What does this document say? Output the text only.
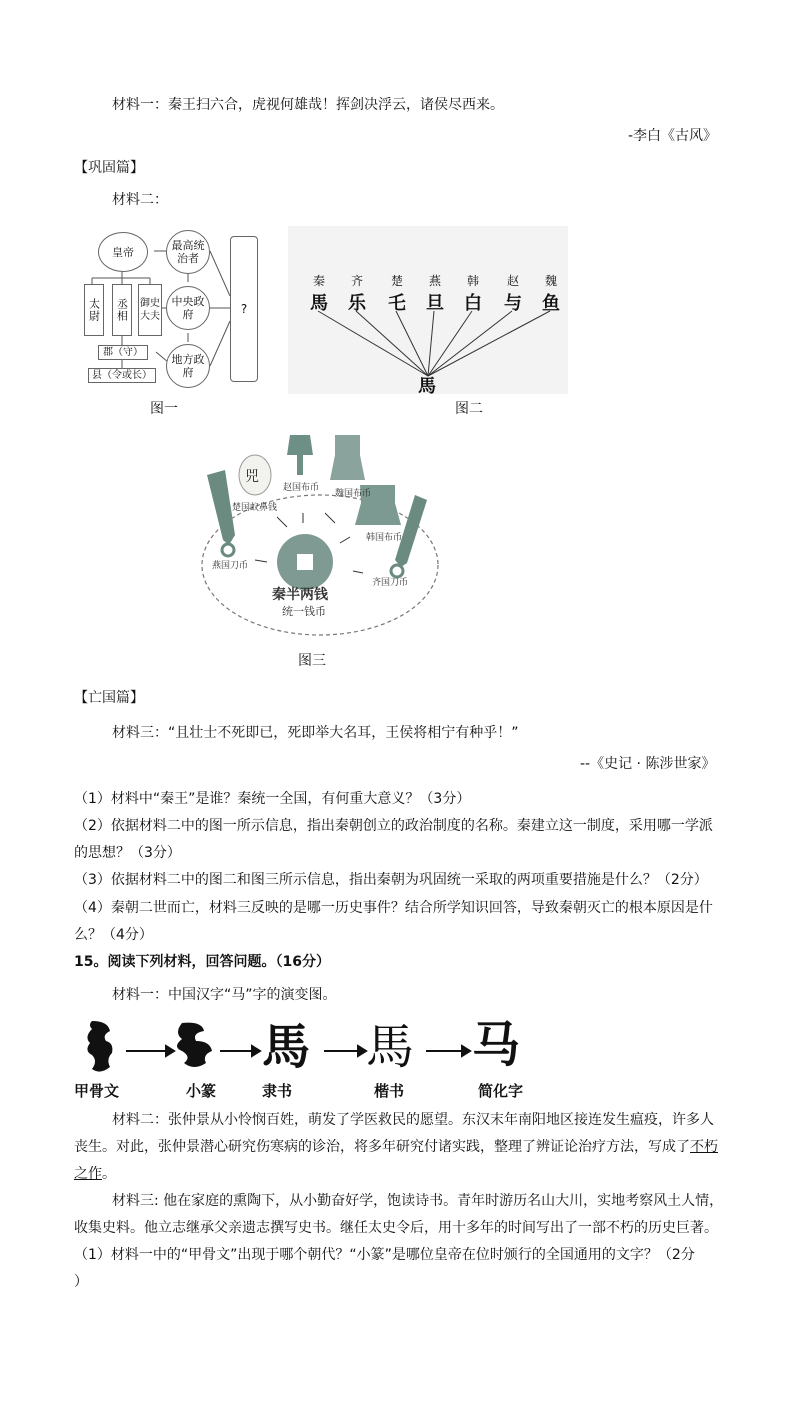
材料一：秦王扫六合，虎视何雄哉！挥剑决浮云，诸侯尽西来。
-李白《古风》
【巩固篇】
材料二：
皇帝	最高统治者
太尉	丞相	御史大夫
中央政府
郡（守）
县（令或长）
地方政府
?
图一
馬 乐 乇 旦 白 与 鱼
馬
秦 齐 楚 燕 韩 赵 魏
图二
兕
赵国布币
魏国布币
楚国蚁鼻钱
韩国布币
燕国刀币
齐国刀币
秦半两钱
统一钱币
图三
【亡国篇】
材料三：“且壮士不死即已，死即举大名耳，王侯将相宁有种乎！”
--《史记 · 陈涉世家》
（1）材料中“秦王”是谁？秦统一全国，有何重大意义？（3分）
（2）依据材料二中的图一所示信息，指出秦朝创立的政治制度的名称。秦建立这一制度，采用哪一学派
的思想？（3分）
（3）依据材料二中的图二和图三所示信息，指出秦朝为巩固统一采取的两项重要措施是什么？（2分）
（4）秦朝二世而亡，材料三反映的是哪一历史事件？结合所学知识回答，导致秦朝灭亡的根本原因是什
么？（4分）
15。阅读下列材料，回答问题。（16分）
材料一：中国汉字“马”字的演变图。
馬 馬 马
甲骨文	小篆	隶书	楷书	简化字
材料二：张仲景从小怜悯百姓，萌发了学医救民的愿望。东汉末年南阳地区接连发生瘟疫，许多人
丧生。对此，张仲景潜心研究伤寒病的诊治，将多年研究付诸实践，整理了辨证论治疗方法，写成了不朽
之作。
材料三: 他在家庭的熏陶下，从小勤奋好学，饱读诗书。青年时游历名山大川，实地考察风土人情，
收集史料。他立志继承父亲遗志撰写史书。继任太史令后，用十多年的时间写出了一部不朽的历史巨著。
（1）材料一中的“甲骨文”出现于哪个朝代？“小篆”是哪位皇帝在位时颁行的全国通用的文字？（2分
）
